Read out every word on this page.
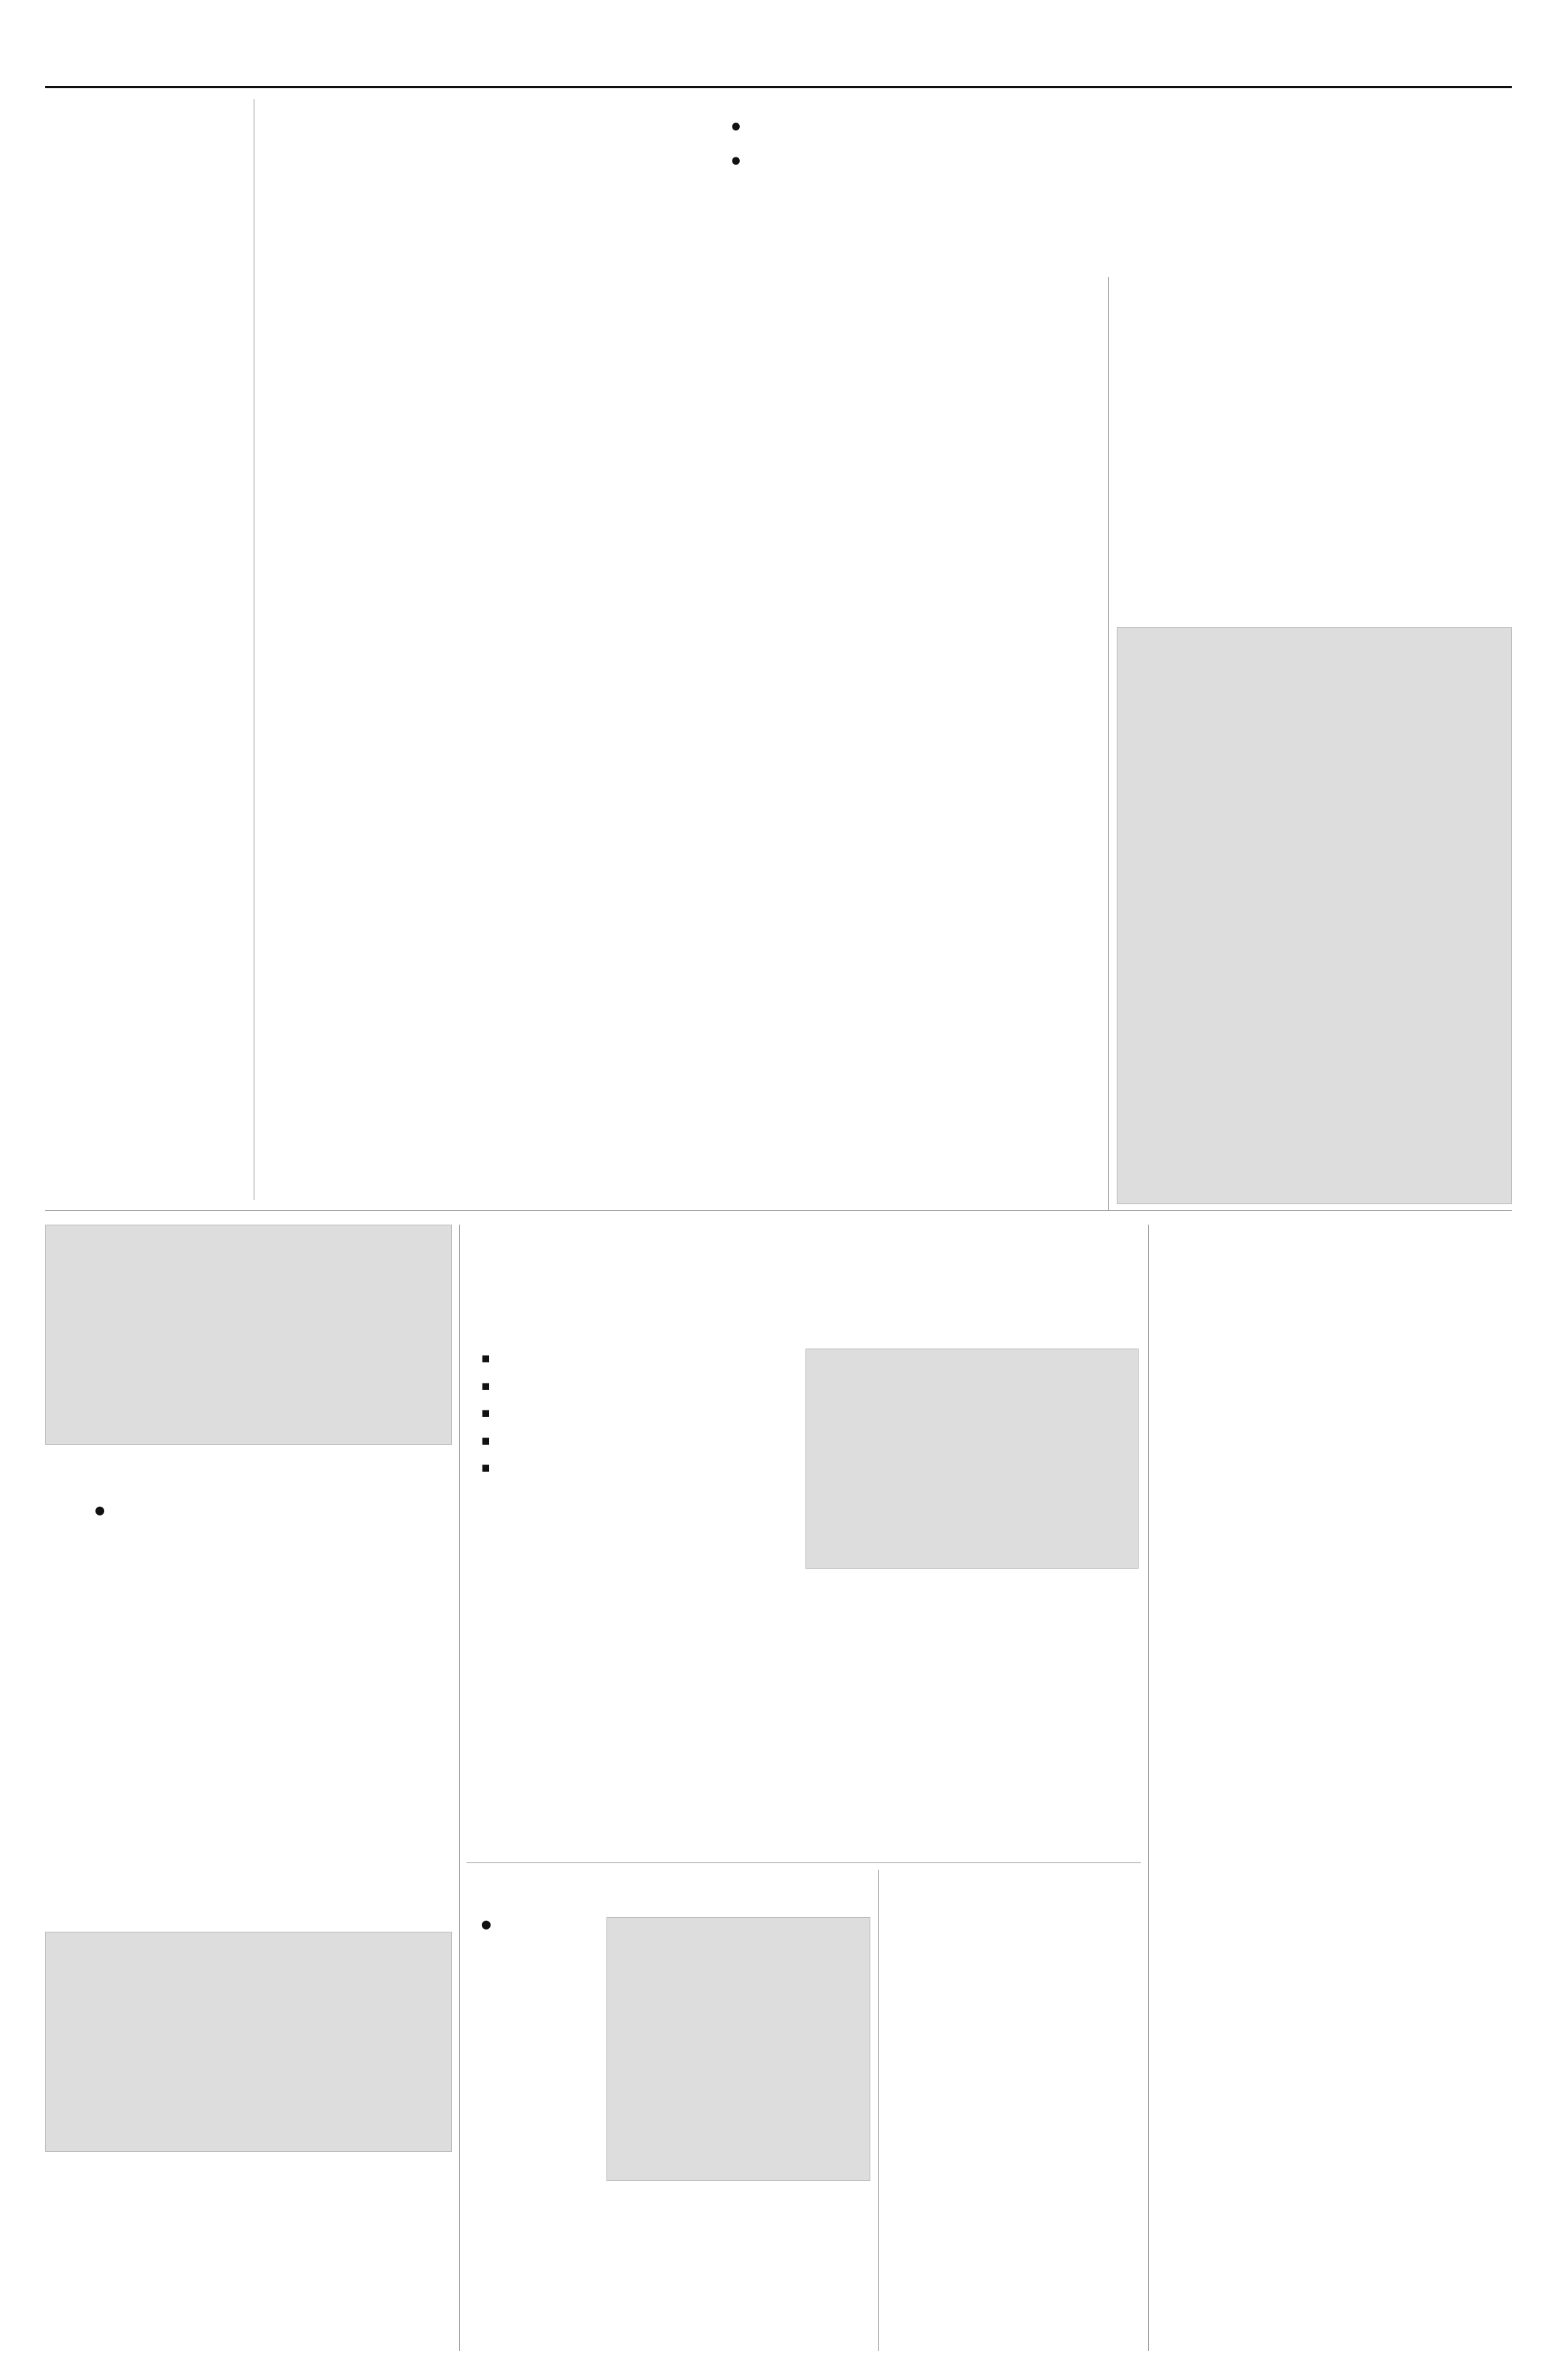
•
•

▪
▪
▪
▪
▪
●
●
